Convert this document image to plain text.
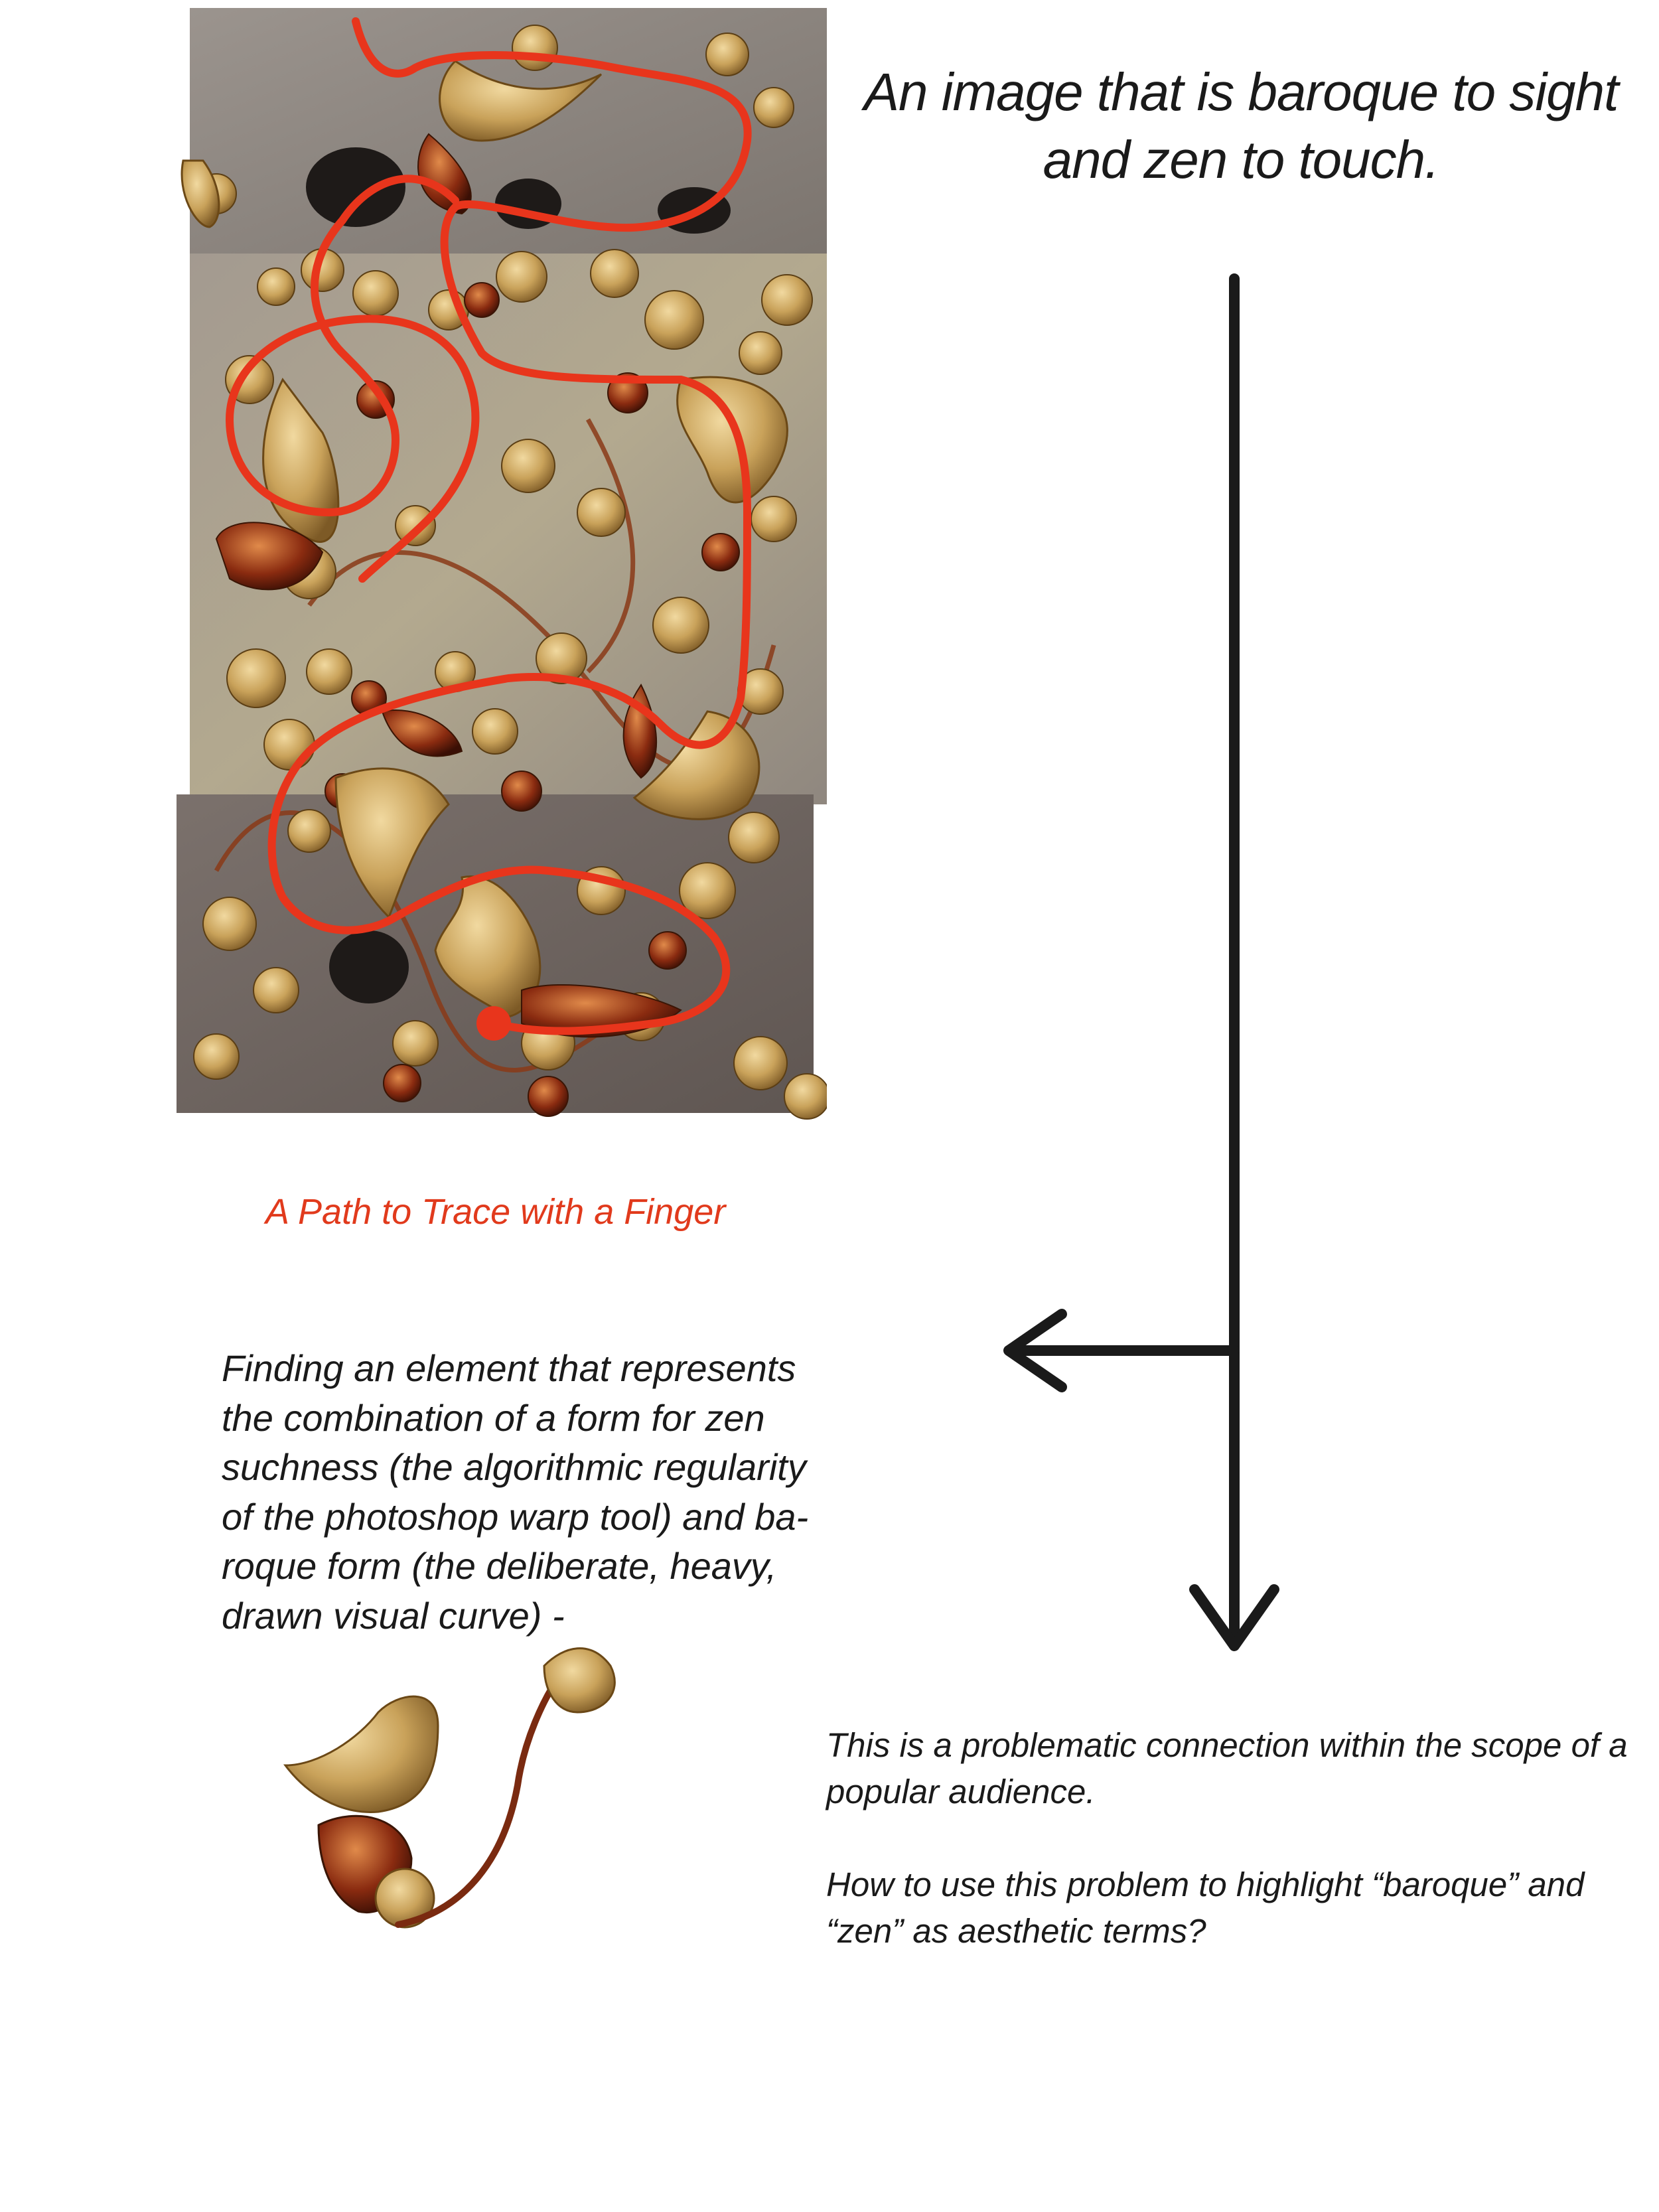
An image that is baroque to sight and zen to touch.
A Path to Trace with a Finger
Finding an element that represents the combination of a form for zen suchness (the algorithmic regularity of the photoshop warp tool) and ba-roque form (the deliberate, heavy, drawn visual curve) -
This is a problematic connection within the scope of a popular audience.
How to use this problem to highlight “baroque” and “zen” as aesthetic terms?
